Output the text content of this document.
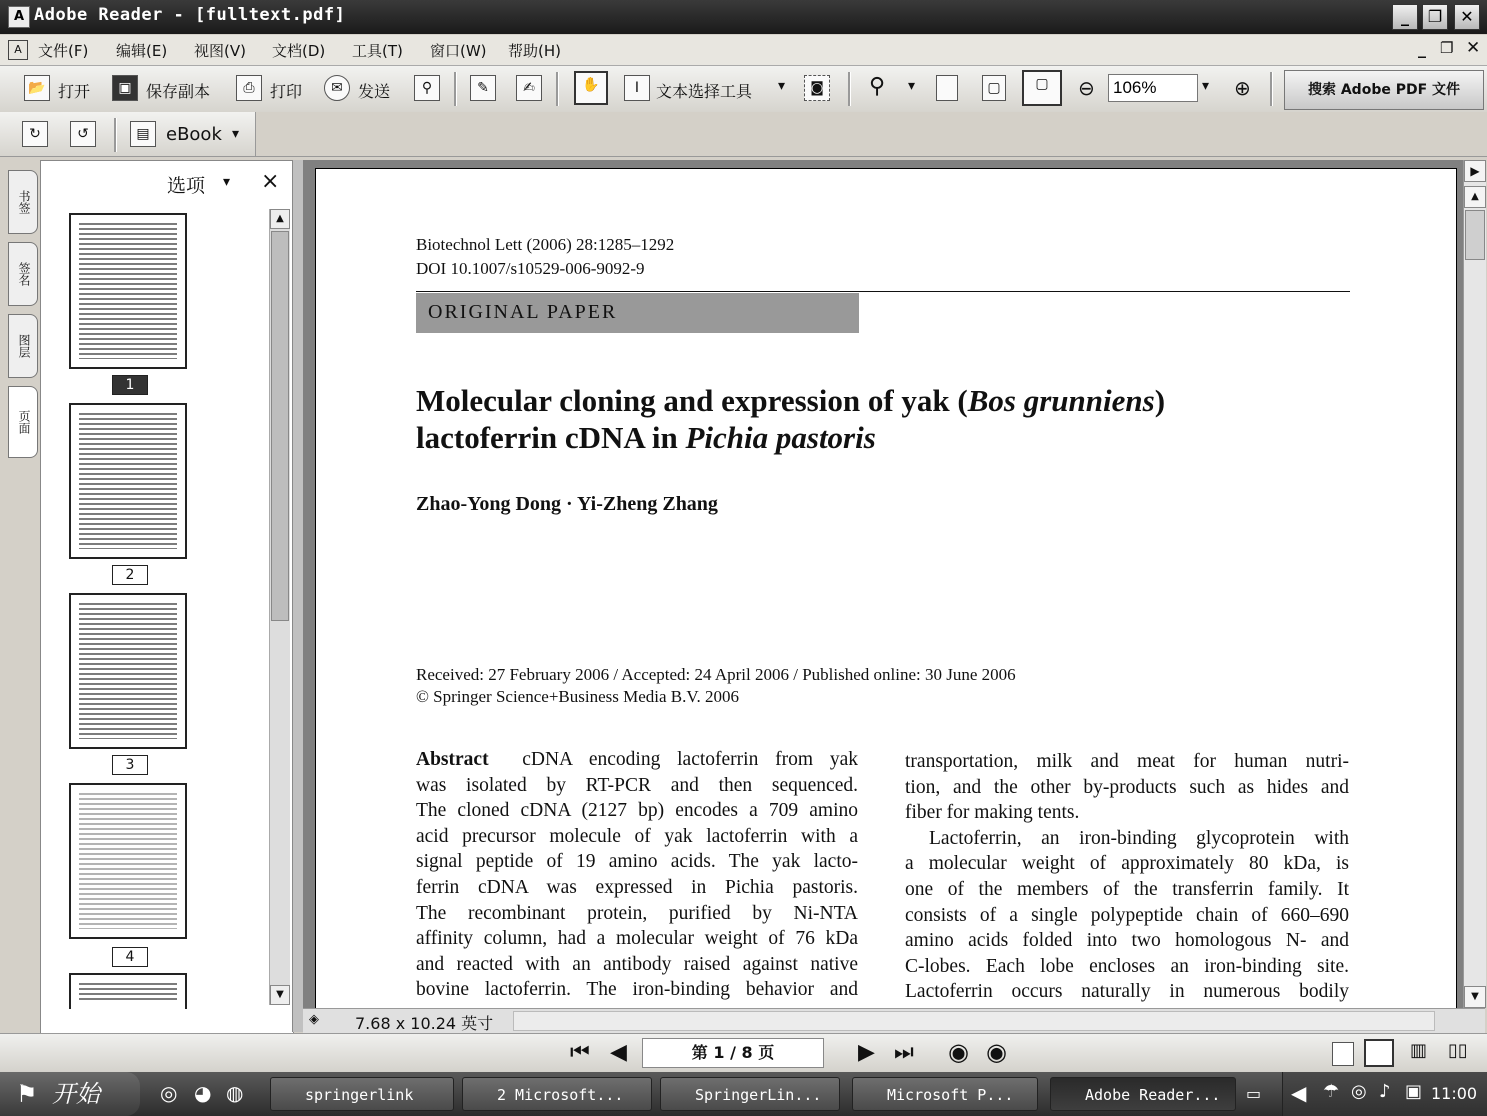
A Adobe Reader - [fulltext.pdf]	_	❐	✕
A	文件(F) 编辑(E) 视图(V) 文档(D) 工具(T) 窗口(W) 帮助(H)	_ ❐ ✕
📂 打开	▣ 保存副本	⎙ 打印	✉ 发送	⚲	✎	✍	✋	I	文本选择工具 ▾	◙ ⚲	▾	▢	▢	⊖	▾ ⊕
106%	搜索 Adobe PDF 文件
↻	↺	▤ eBook ▾
书签
签名
图层
页面
选项 ▾ ×
1
2
3
4
▲
▼
Biotechnol Lett (2006) 28:1285–1292
DOI 10.1007/s10529-006-9092-9
ORIGINAL PAPER
Molecular cloning and expression of yak (Bos grunniens)
lactoferrin cDNA in Pichia pastoris
Zhao-Yong Dong · Yi-Zheng Zhang
Received: 27 February 2006 / Accepted: 24 April 2006 / Published online: 30 June 2006
© Springer Science+Business Media B.V. 2006

Abstract cDNA encoding lactoferrin from yak

was isolated by RT-PCR and then sequenced.

The cloned cDNA (2127 bp) encodes a 709 amino

acid precursor molecule of yak lactoferrin with a

signal peptide of 19 amino acids. The yak lacto-

ferrin cDNA was expressed in Pichia pastoris.

The recombinant protein, purified by Ni-NTA

affinity column, had a molecular weight of 76 kDa

and reacted with an antibody raised against native

bovine lactoferrin. The iron-binding behavior and

transportation, milk and meat for human nutri-

tion, and the other by-products such as hides and

fiber for making tents.

Lactoferrin, an iron-binding glycoprotein with

a molecular weight of approximately 80 kDa, is

one of the members of the transferrin family. It

consists of a single polypeptide chain of 660–690

amino acids folded into two homologous N- and

C-lobes. Each lobe encloses an iron-binding site.

Lactoferrin occurs naturally in numerous bodily

▶
▲
▼
◈ 7.68 x 10.24 英寸
⏮ ◀	▶ ⏭ ◉ ◉	▥ ▯▯
第 1 / 8 页
开始
⚑	◎ ◕ ◍	springerlink	2 Microsoft...	SpringerLin...	Microsoft P...	Adobe Reader...	▭ ◀ ☂ ◎ ♪ ▣ 11:00
